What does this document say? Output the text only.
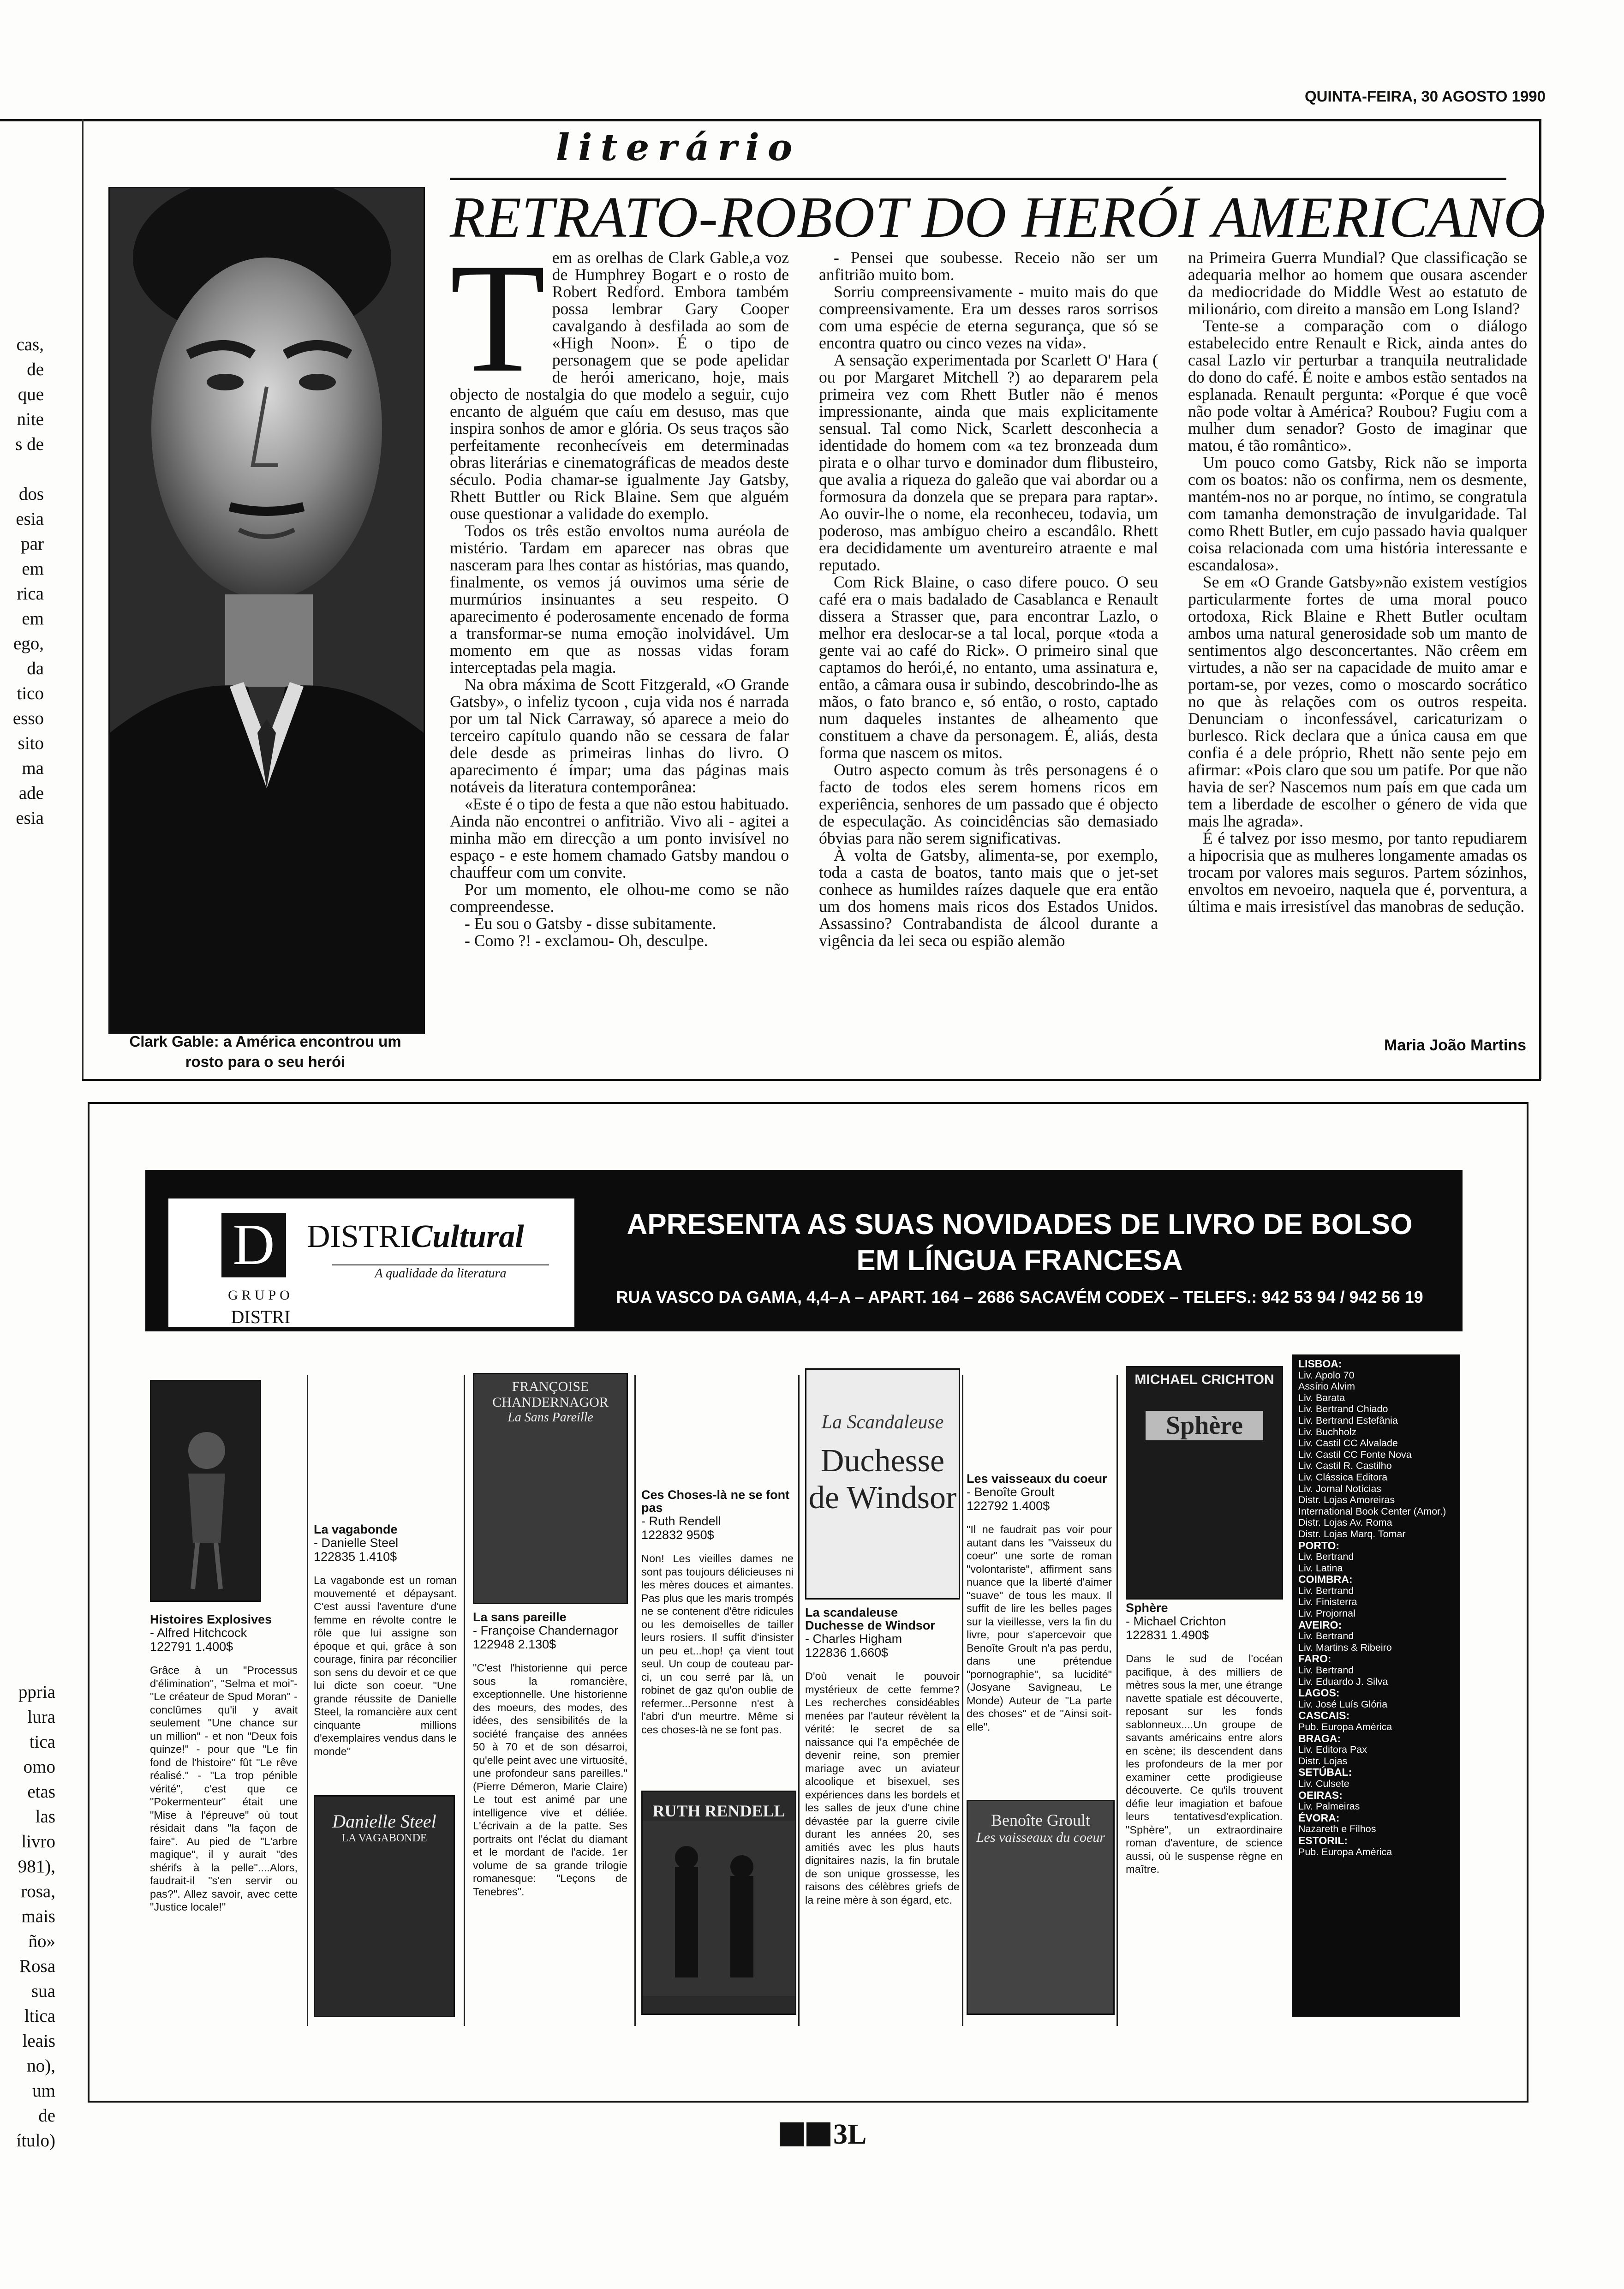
QUINTA-FEIRA, 30 AGOSTO 1990
cas,
de
que
nite
s de
dos
esia
par
em
rica
em
ego,
da
tico
esso
sito
ma
ade
esia
ppria
lura
tica
omo
etas
las
livro
981),
rosa,
mais
ño»
Rosa
sua
ltica
leais
no),
um
de
ítulo)
literário
RETRATO-ROBOT DO HERÓI AMERICANO
Clark Gable: a América encontrou um rosto para o seu herói

Tem as orelhas de Clark Gable,a voz de Humphrey Bogart e o rosto de Robert Redford. Embora também possa lembrar Gary Cooper cavalgando à desfilada ao som de «High Noon». É o tipo de personagem que se pode apelidar de herói americano, hoje, mais objecto de nostalgia do que modelo a seguir, cujo encanto de alguém que caíu em desuso, mas que inspira sonhos de amor e glória. Os seus traços são perfeitamente reconhecíveis em determinadas obras literárias e cinematográficas de meados deste século. Podia chamar-se igualmente Jay Gatsby, Rhett Buttler ou Rick Blaine. Sem que alguém ouse questionar a validade do exemplo.

Todos os três estão envoltos numa auréola de mistério. Tardam em aparecer nas obras que nasceram para lhes contar as histórias, mas quando, finalmente, os vemos já ouvimos uma série de murmúrios insinuantes a seu respeito. O aparecimento é poderosamente encenado de forma a transformar-se numa emoção inolvidável. Um momento em que as nossas vidas foram interceptadas pela magia.

Na obra máxima de Scott Fitzgerald, «O Grande Gatsby», o infeliz tycoon , cuja vida nos é narrada por um tal Nick Carraway, só aparece a meio do terceiro capítulo quando não se cessara de falar dele desde as primeiras linhas do livro. O aparecimento é ímpar; uma das páginas mais notáveis da literatura contemporânea:

«Este é o tipo de festa a que não estou habituado. Ainda não encontrei o anfitrião. Vivo ali - agitei a minha mão em direcção a um ponto invisível no espaço - e este homem chamado Gatsby mandou o chauffeur com um convite.

Por um momento, ele olhou-me como se não compreendesse.

- Eu sou o Gatsby - disse subitamente.

- Como ?! - exclamou- Oh, desculpe.

- Pensei que soubesse. Receio não ser um anfitrião muito bom.

Sorriu compreensivamente - muito mais do que compreensivamente. Era um desses raros sorrisos com uma espécie de eterna segurança, que só se encontra quatro ou cinco vezes na vida».

A sensação experimentada por Scarlett O' Hara ( ou por Margaret Mitchell ?) ao depararem pela primeira vez com Rhett Butler não é menos impressionante, ainda que mais explicitamente sensual. Tal como Nick, Scarlett desconhecia a identidade do homem com «a tez bronzeada dum pirata e o olhar turvo e dominador dum flibusteiro, que avalia a riqueza do galeão que vai abordar ou a formosura da donzela que se prepara para raptar». Ao ouvir-lhe o nome, ela reconheceu, todavia, um poderoso, mas ambíguo cheiro a escandâlo. Rhett era decididamente um aventureiro atraente e mal reputado.

Com Rick Blaine, o caso difere pouco. O seu café era o mais badalado de Casablanca e Renault dissera a Strasser que, para encontrar Lazlo, o melhor era deslocar-se a tal local, porque «toda a gente vai ao café do Rick». O primeiro sinal que captamos do herói,é, no entanto, uma assinatura e, então, a câmara ousa ir subindo, descobrindo-lhe as mãos, o fato branco e, só então, o rosto, captado num daqueles instantes de alheamento que constituem a chave da personagem. É, aliás, desta forma que nascem os mitos.

Outro aspecto comum às três personagens é o facto de todos eles serem homens ricos em experiência, senhores de um passado que é objecto de especulação. As coincidências são demasiado óbvias para não serem significativas.

À volta de Gatsby, alimenta-se, por exemplo, toda a casta de boatos, tanto mais que o jet-set conhece as humildes raízes daquele que era então um dos homens mais ricos dos Estados Unidos. Assassino? Contrabandista de álcool durante a vigência da lei seca ou espião alemão

na Primeira Guerra Mundial? Que classificação se adequaria melhor ao homem que ousara ascender da mediocridade do Middle West ao estatuto de milionário, com direito a mansão em Long Island?

Tente-se a comparação com o diálogo estabelecido entre Renault e Rick, ainda antes do casal Lazlo vir perturbar a tranquila neutralidade do dono do café. É noite e ambos estão sentados na esplanada. Renault pergunta: «Porque é que você não pode voltar à América? Roubou? Fugiu com a mulher dum senador? Gosto de imaginar que matou, é tão romântico».

Um pouco como Gatsby, Rick não se importa com os boatos: não os confirma, nem os desmente, mantém-nos no ar porque, no íntimo, se congratula com tamanha demonstração de invulgaridade. Tal como Rhett Butler, em cujo passado havia qualquer coisa relacionada com uma história interessante e escandalosa».

Se em «O Grande Gatsby»não existem vestígios particularmente fortes de uma moral pouco ortodoxa, Rick Blaine e Rhett Butler ocultam ambos uma natural generosidade sob um manto de sentimentos algo desconcertantes. Não crêem em virtudes, a não ser na capacidade de muito amar e portam-se, por vezes, como o moscardo socrático no que às relações com os outros respeita. Denunciam o inconfessável, caricaturizam o burlesco. Rick declara que a única causa em que confia é a dele próprio, Rhett não sente pejo em afirmar: «Pois claro que sou um patife. Por que não havia de ser? Nascemos num país em que cada um tem a liberdade de escolher o género de vida que mais lhe agrada».

É é talvez por isso mesmo, por tanto repudiarem a hipocrisia que as mulheres longamente amadas os trocam por valores mais seguros. Partem sózinhos, envoltos em nevoeiro, naquela que é, porventura, a última e mais irresistível das manobras de sedução.

Maria João Martins
D DISTRICultural
A qualidade da literatura
GRUPO
DISTRI
APRESENTA AS SUAS NOVIDADES DE LIVRO DE BOLSO
EM LÍNGUA FRANCESA
RUA VASCO DA GAMA, 4,4–A – APART. 164 – 2686 SACAVÉM CODEX – TELEFS.: 942 53 94 / 942 56 19
Histoires Explosives
- Alfred Hitchcock
122791 1.400$
Grâce à un "Processus d'élimination", "Selma et moi"- "Le créateur de Spud Moran" - conclûmes qu'il y avait seulement "Une chance sur un million" - et non "Deux fois quinze!" - pour que "Le fin fond de l'histoire" fût "Le rêve réalisé." - "La trop pénible vérité", c'est que ce "Pokermenteur" était une "Mise à l'épreuve" où tout résidait dans "la façon de faire". Au pied de "L'arbre magique", il y aurait "des shérifs à la pelle"....Alors, faudrait-il "s'en servir ou pas?". Allez savoir, avec cette "Justice locale!"
La vagabonde
- Danielle Steel
122835 1.410$
La vagabonde est un roman mouvementé et dépaysant. C'est aussi l'aventure d'une femme en révolte contre le rôle que lui assigne son époque et qui, grâce à son courage, finira par réconcilier son sens du devoir et ce que lui dicte son coeur. "Une grande réussite de Danielle Steel, la romancière aux cent cinquante millions d'exemplaires vendus dans le monde"
Danielle Steel
LA VAGABONDE
FRANÇOISE CHANDERNAGOR
La Sans Pareille
La sans pareille
- Françoise Chandernagor
122948 2.130$
"C'est l'historienne qui perce sous la romancière, exceptionnelle. Une historienne des moeurs, des modes, des idées, des sensibilités de la société française des années 50 à 70 et de son désarroi, qu'elle peint avec une virtuosité, une profondeur sans pareilles." (Pierre Démeron, Marie Claire) Le tout est animé par une intelligence vive et déliée. L'écrivain a de la patte. Ses portraits ont l'éclat du diamant et le mordant de l'acide. 1er volume de sa grande trilogie romanesque: "Leçons de Tenebres".
Ces Choses-là ne se font pas
- Ruth Rendell
122832 950$
Non! Les vieilles dames ne sont pas toujours délicieuses ni les mères douces et aimantes. Pas plus que les maris trompés ne se contenent d'être ridicules ou les demoiselles de tailler leurs rosiers. Il suffit d'insister un peu et...hop! ça vient tout seul. Un coup de couteau par-ci, un cou serré par là, un robinet de gaz qu'on oublie de refermer...Personne n'est à l'abri d'un meurtre. Même si ces choses-là ne se font pas.
RUTH RENDELL
La Scandaleuse
Duchesse de Windsor
La scandaleuse Duchesse de Windsor
- Charles Higham
122836 1.660$
D'où venait le pouvoir mystérieux de cette femme? Les recherches considéables menées par l'auteur révèlent la vérité: le secret de sa naissance qui l'a empêchée de devenir reine, son premier mariage avec un aviateur alcoolique et bisexuel, ses expériences dans les bordels et les salles de jeux d'une chine dévastée par la guerre civile durant les années 20, ses amitiés avec les plus hauts dignitaires nazis, la fin brutale de son unique grossesse, les raisons des célèbres griefs de la reine mère à son égard, etc.
Les vaisseaux du coeur
- Benoîte Groult
122792 1.400$
"Il ne faudrait pas voir pour autant dans les "Vaisseux du coeur" une sorte de roman "volontariste", affirment sans nuance que la liberté d'aimer "suave" de tous les maux. Il suffit de lire les belles pages sur la vieillesse, vers la fin du livre, pour s'apercevoir que Benoîte Groult n'a pas perdu, dans une prétendue "pornographie", sa lucidité" (Josyane Savigneau, Le Monde) Auteur de "La parte des choses" et de "Ainsi soit-elle".
Benoîte Groult
Les vaisseaux du coeur
MICHAEL CRICHTON
Sphère
Sphère
- Michael Crichton
122831 1.490$
Dans le sud de l'océan pacifique, à des milliers de mètres sous la mer, une étrange navette spatiale est découverte, reposant sur les fonds sablonneux....Un groupe de savants américains entre alors en scène; ils descendent dans les profondeurs de la mer por examiner cette prodigieuse découverte. Ce qu'ils trouvent défie leur imagiation et bafoue leurs tentativesd'explication. "Sphère", un extraordinaire roman d'aventure, de science aussi, où le suspense règne en maître.
LISBOA:
Liv. Apolo 70
Assírio Alvim
Liv. Barata
Liv. Bertrand Chiado
Liv. Bertrand Estefânia
Liv. Buchholz
Liv. Castil CC Alvalade
Liv. Castil CC Fonte Nova
Liv. Castil R. Castilho
Liv. Clássica Editora
Liv. Jornal Notícias
Distr. Lojas Amoreiras
International Book Center (Amor.)
Distr. Lojas Av. Roma
Distr. Lojas Marq. Tomar
PORTO:
Liv. Bertrand
Liv. Latina
COIMBRA:
Liv. Bertrand
Liv. Finisterra
Liv. Projornal
AVEIRO:
Liv. Bertrand
Liv. Martins & Ribeiro
FARO:
Liv. Bertrand
Liv. Eduardo J. Silva
LAGOS:
Liv. José Luís Glória
CASCAIS:
Pub. Europa América
BRAGA:
Liv. Editora Pax
Distr. Lojas
SETÚBAL:
Liv. Culsete
OEIRAS:
Liv. Palmeiras
ÉVORA:
Nazareth e Filhos
ESTORIL:
Pub. Europa América
3L
